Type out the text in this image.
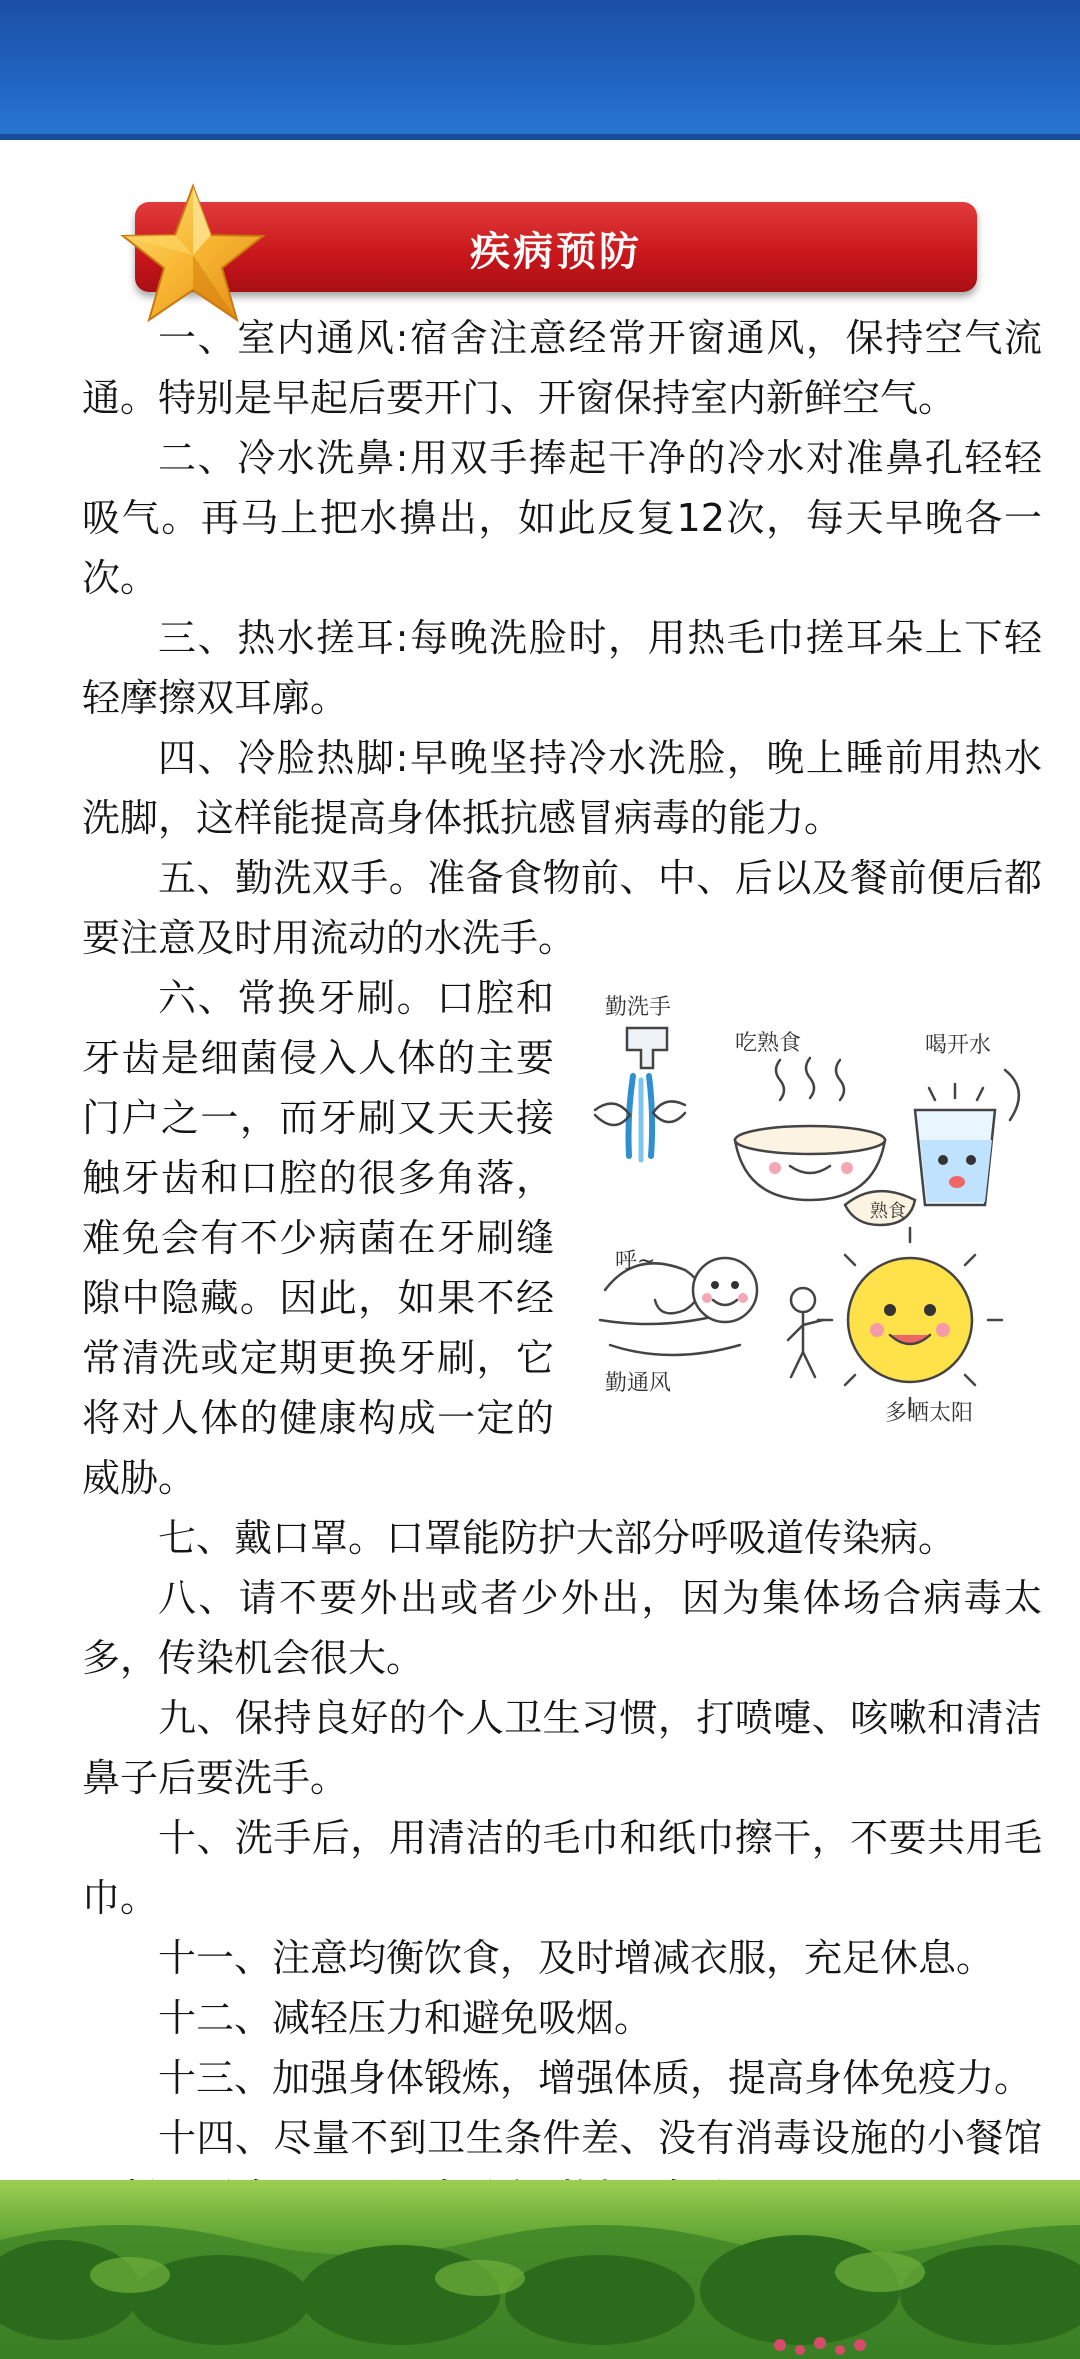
疾病预防

一、室内通风:宿舍注意经常开窗通风，保持空气流通。特别是早起后要开门、开窗保持室内新鲜空气。

二、冷水洗鼻:用双手捧起干净的冷水对准鼻孔轻轻吸气。再马上把水擤出，如此反复12次，每天早晚各一次。

三、热水搓耳:每晚洗脸时，用热毛巾搓耳朵上下轻轻摩擦双耳廓。

四、冷脸热脚:早晚坚持冷水洗脸，晚上睡前用热水洗脚，这样能提高身体抵抗感冒病毒的能力。

五、勤洗双手。准备食物前、中、后以及餐前便后都要注意及时用流动的水洗手。

六、常换牙刷。口腔和牙齿是细菌侵入人体的主要门户之一，而牙刷又天天接触牙齿和口腔的很多角落，难免会有不少病菌在牙刷缝隙中隐藏。因此，如果不经常清洗或定期更换牙刷，它将对人体的健康构成一定的威胁。

七、戴口罩。口罩能防护大部分呼吸道传染病。

八、请不要外出或者少外出，因为集体场合病毒太多，传染机会很大。

九、保持良好的个人卫生习惯，打喷嚏、咳嗽和清洁鼻子后要洗手。

十、洗手后，用清洁的毛巾和纸巾擦干，不要共用毛巾。

十一、注意均衡饮食，及时增减衣服，充足休息。

十二、减轻压力和避免吸烟。

十三、加强身体锻炼，增强体质，提高身体免疫力。

十四、尽量不到卫生条件差、没有消毒设施的小餐馆

勤洗手
吃熟食
熟食
喝开水
呼~
勤通风
多晒太阳
